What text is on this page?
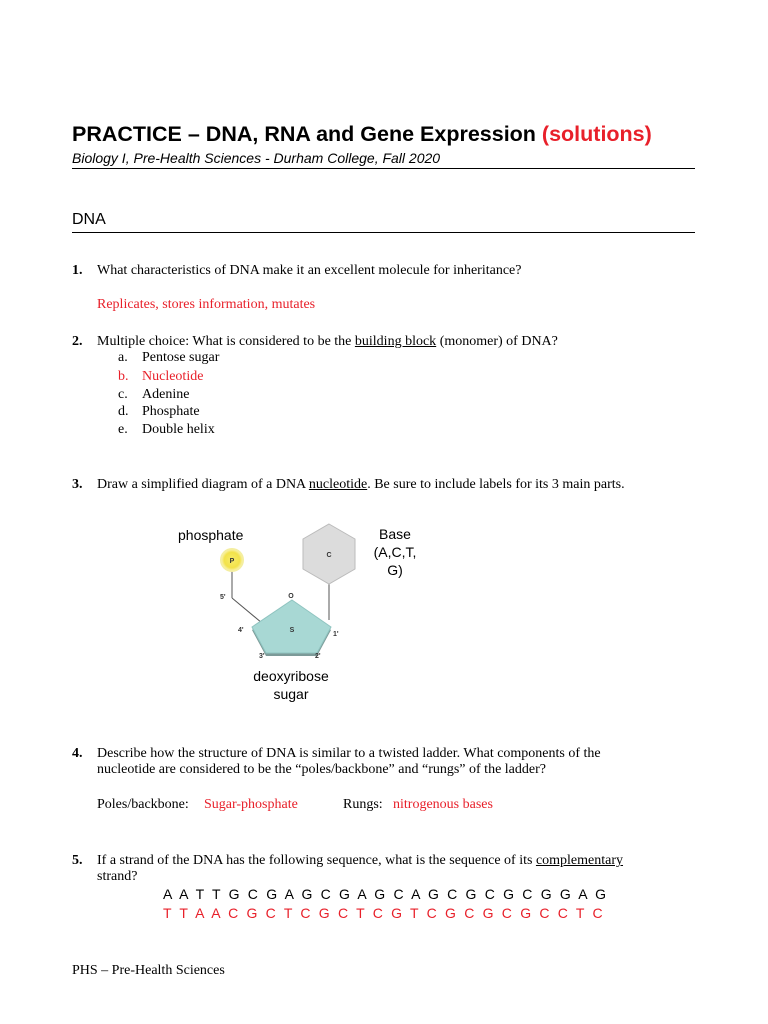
PRACTICE – DNA, RNA and Gene Expression (solutions)
Biology I, Pre-Health Sciences - Durham College, Fall 2020
DNA
1. What characteristics of DNA make it an excellent molecule for inheritance?
Replicates, stores information, mutates
2. Multiple choice: What is considered to be the building block (monomer) of DNA?
a. Pentose sugar
b. Nucleotide
c. Adenine
d. Phosphate
e. Double helix
3. Draw a simplified diagram of a DNA nucleotide. Be sure to include labels for its 3 main parts.
phosphate
P
C
Base
(A,C,T,
G)
S
O
1'
2'
3'
4'
5'
deoxyribose
sugar
4. Describe how the structure of DNA is similar to a twisted ladder. What components of the
nucleotide are considered to be the “poles/backbone” and “rungs” of the ladder?
Poles/backbone: Sugar-phosphate	Rungs: nitrogenous bases
5. If a strand of the DNA has the following sequence, what is the sequence of its complementary
strand?
A A T T G C G A G C G A G C A G C G C G C G G A G
T T A A C G C T C G C T C G T C G C G C G C C T C
PHS – Pre-Health Sciences
